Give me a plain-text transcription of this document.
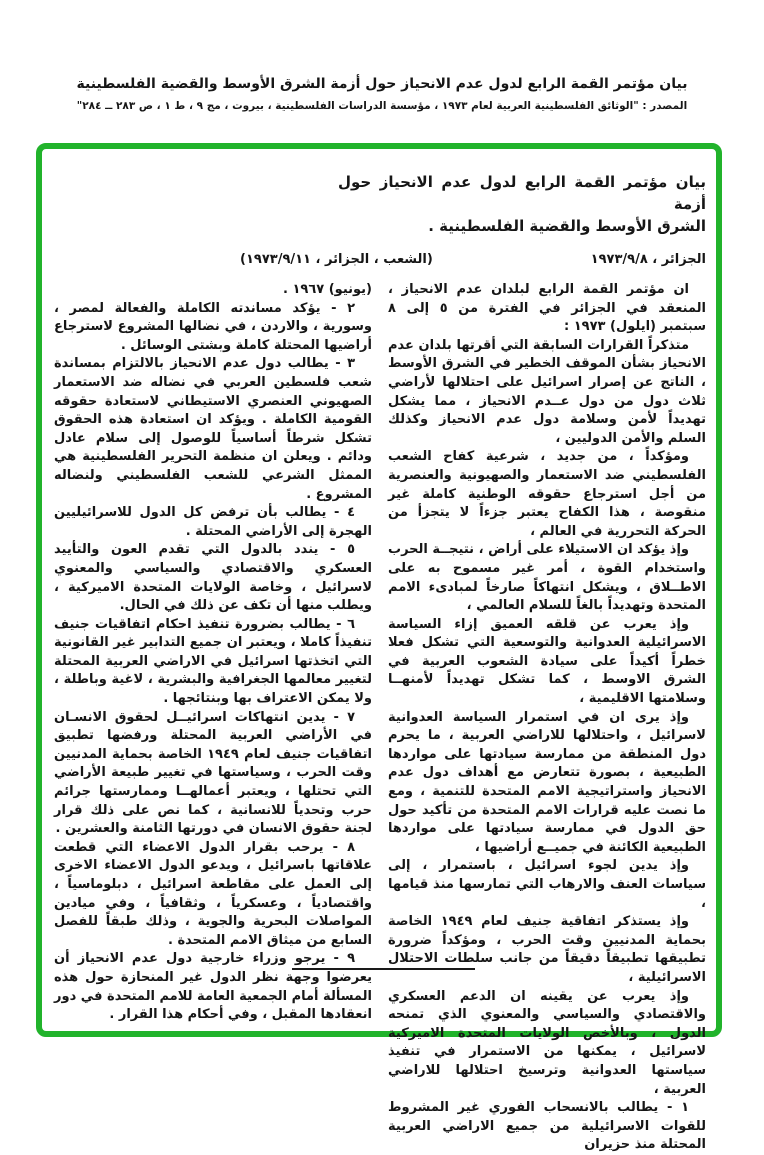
بيان مؤتمر القمة الرابع لدول عدم الانحياز حول أزمة الشرق الأوسط والقضية الفلسطينية
المصدر : "الوثائق الفلسطينية العربية لعام ١٩٧٣ ، مؤسسة الدراسات الفلسطينية ، بيروت ، مج ٩ ، ط ١ ، ص ٢٨٣ ــ ٢٨٤"
بيان مؤتمر القمة الرابع لدول عدم الانحياز حول أزمة
الشرق الأوسط والقضية الفلسطينية .
الجزائر ، ١٩٧٣/٩/٨
(الشعب ، الجزائر ، ١٩٧٣/٩/١١)

ان مؤتمر القمة الرابع لبلدان عدم الانحياز ، المنعقد في الجزائر في الفترة من ٥ إلى ٨ سبتمبر (ايلول) ١٩٧٣ :

متذكراً القرارات السابقة التي أقرتها بلدان عدم الانحياز بشأن الموقف الخطير في الشرق الأوسط ، الناتج عن إصرار اسرائيل على احتلالها لأراضي ثلاث دول من دول عــدم الانحياز ، مما يشكل تهديداً لأمن وسلامة دول عدم الانحياز وكذلك السلم والأمن الدوليين ،

ومؤكداً ، من جديد ، شرعية كفاح الشعب الفلسطيني ضد الاستعمار والصهيونية والعنصرية من أجل استرجاع حقوقه الوطنية كاملة غير منقوصة ، هذا الكفاح يعتبر جزءاً لا يتجزأ من الحركة التحررية في العالم ،

وإذ يؤكد ان الاستيلاء على أراض ، نتيجــة الحرب واستخدام القوة ، أمر غير مسموح به على الاطــلاق ، ويشكل انتهاكاً صارخاً لمبادىء الامم المتحدة وتهديداً بالغاً للسلام العالمي ،

وإذ يعرب عن قلقه العميق إزاء السياسة الاسرائيلية العدوانية والتوسعية التي تشكل فعلا خطراً أكيداً على سيادة الشعوب العربية في الشرق الاوسط ، كما تشكل تهديداً لأمنهــا وسلامتها الاقليمية ،

وإذ يرى ان في استمرار السياسة العدوانية لاسرائيل ، واحتلالها للاراضي العربية ، ما يحرم دول المنطقة من ممارسة سيادتها على مواردها الطبيعية ، بصورة تتعارض مع أهداف دول عدم الانحياز واستراتيجية الامم المتحدة للتنمية ، ومع ما نصت عليه قرارات الامم المتحدة من تأكيد حول حق الدول في ممارسة سيادتها على مواردها الطبيعية الكائنة في جميــع أراضيها ،

وإذ يدين لجوء اسرائيل ، باستمرار ، إلى سياسات العنف والارهاب التي تمارسها منذ قيامها ،

وإذ يستذكر اتفاقية جنيف لعام ١٩٤٩ الخاصة بحماية المدنيين وقت الحرب ، ومؤكداً ضرورة تطبيقها تطبيقاً دقيقاً من جانب سلطات الاحتلال الاسرائيلية ،

وإذ يعرب عن يقينه ان الدعم العسكري والاقتصادي والسياسي والمعنوي الذي تمنحه الدول ، وبالأخص الولايات المتحدة الاميركية لاسرائيل ، يمكنها من الاستمرار في تنفيذ سياستها العدوانية وترسيخ احتلالها للاراضي العربية ،

١ - يطالب بالانسحاب الفوري غير المشروط للقوات الاسرائيلية من جميع الاراضي العربية المحتلة منذ حزيران

(يونيو) ١٩٦٧ .

٢ - يؤكد مساندته الكاملة والفعالة لمصر ، وسورية ، والاردن ، في نضالها المشروع لاسترجاع أراضيها المحتلة كاملة وبشتى الوسائل .

٣ - يطالب دول عدم الانحياز بالالتزام بمساندة شعب فلسطين العربي في نضاله ضد الاستعمار الصهيوني العنصري الاستيطاني لاستعادة حقوقه القومية الكاملة . ويؤكد ان استعادة هذه الحقوق تشكل شرطاً أساسياً للوصول إلى سلام عادل ودائم . ويعلن ان منظمة التحرير الفلسطينية هي الممثل الشرعي للشعب الفلسطيني ولنضاله المشروع .

٤ - يطالب بأن ترفض كل الدول للاسرائيليين الهجرة إلى الأراضي المحتلة .

٥ - يندد بالدول التي تقدم العون والتأييد العسكري والاقتصادي والسياسي والمعنوي لاسرائيل ، وخاصة الولايات المتحدة الاميركية ، ويطلب منها أن تكف عن ذلك في الحال.

٦ - يطالب بضرورة تنفيذ احكام اتفاقيات جنيف تنفيذاً كاملا ، ويعتبر ان جميع التدابير غير القانونية التي اتخذتها اسرائيل في الاراضي العربية المحتلة لتغيير معالمها الجغرافية والبشرية ، لاغية وباطلة ، ولا يمكن الاعتراف بها وبنتائجها .

٧ - يدين انتهاكات اسرائيــل لحقوق الانسـان في الأراضي العربية المحتلة ورفضها تطبيق اتفاقيات جنيف لعام ١٩٤٩ الخاصة بحماية المدنيين وقت الحرب ، وسياستها في تغيير طبيعة الأراضي التي تحتلها ، ويعتبر أعمالهــا وممارستها جرائم حرب وتحدياً للانسانية ، كما نص على ذلك قرار لجنة حقوق الانسان في دورتها الثامنة والعشرين .

٨ - يرحب بقرار الدول الاعضاء التي قطعت علاقاتها باسرائيل ، ويدعو الدول الاعضاء الاخرى إلى العمل على مقاطعة اسرائيل ، دبلوماسياً ، واقتصادياً ، وعسكرياً ، وثقافياً ، وفي ميادين المواصلات البحرية والجوية ، وذلك طبقاً للفصل السابع من ميثاق الامم المتحدة .

٩ - يرجو وزراء خارجية دول عدم الانحياز أن يعرضوا وجهة نظر الدول غير المنحازة حول هذه المسألة أمام الجمعية العامة للامم المتحدة في دور انعقادها المقبل ، وفي أحكام هذا القرار .
